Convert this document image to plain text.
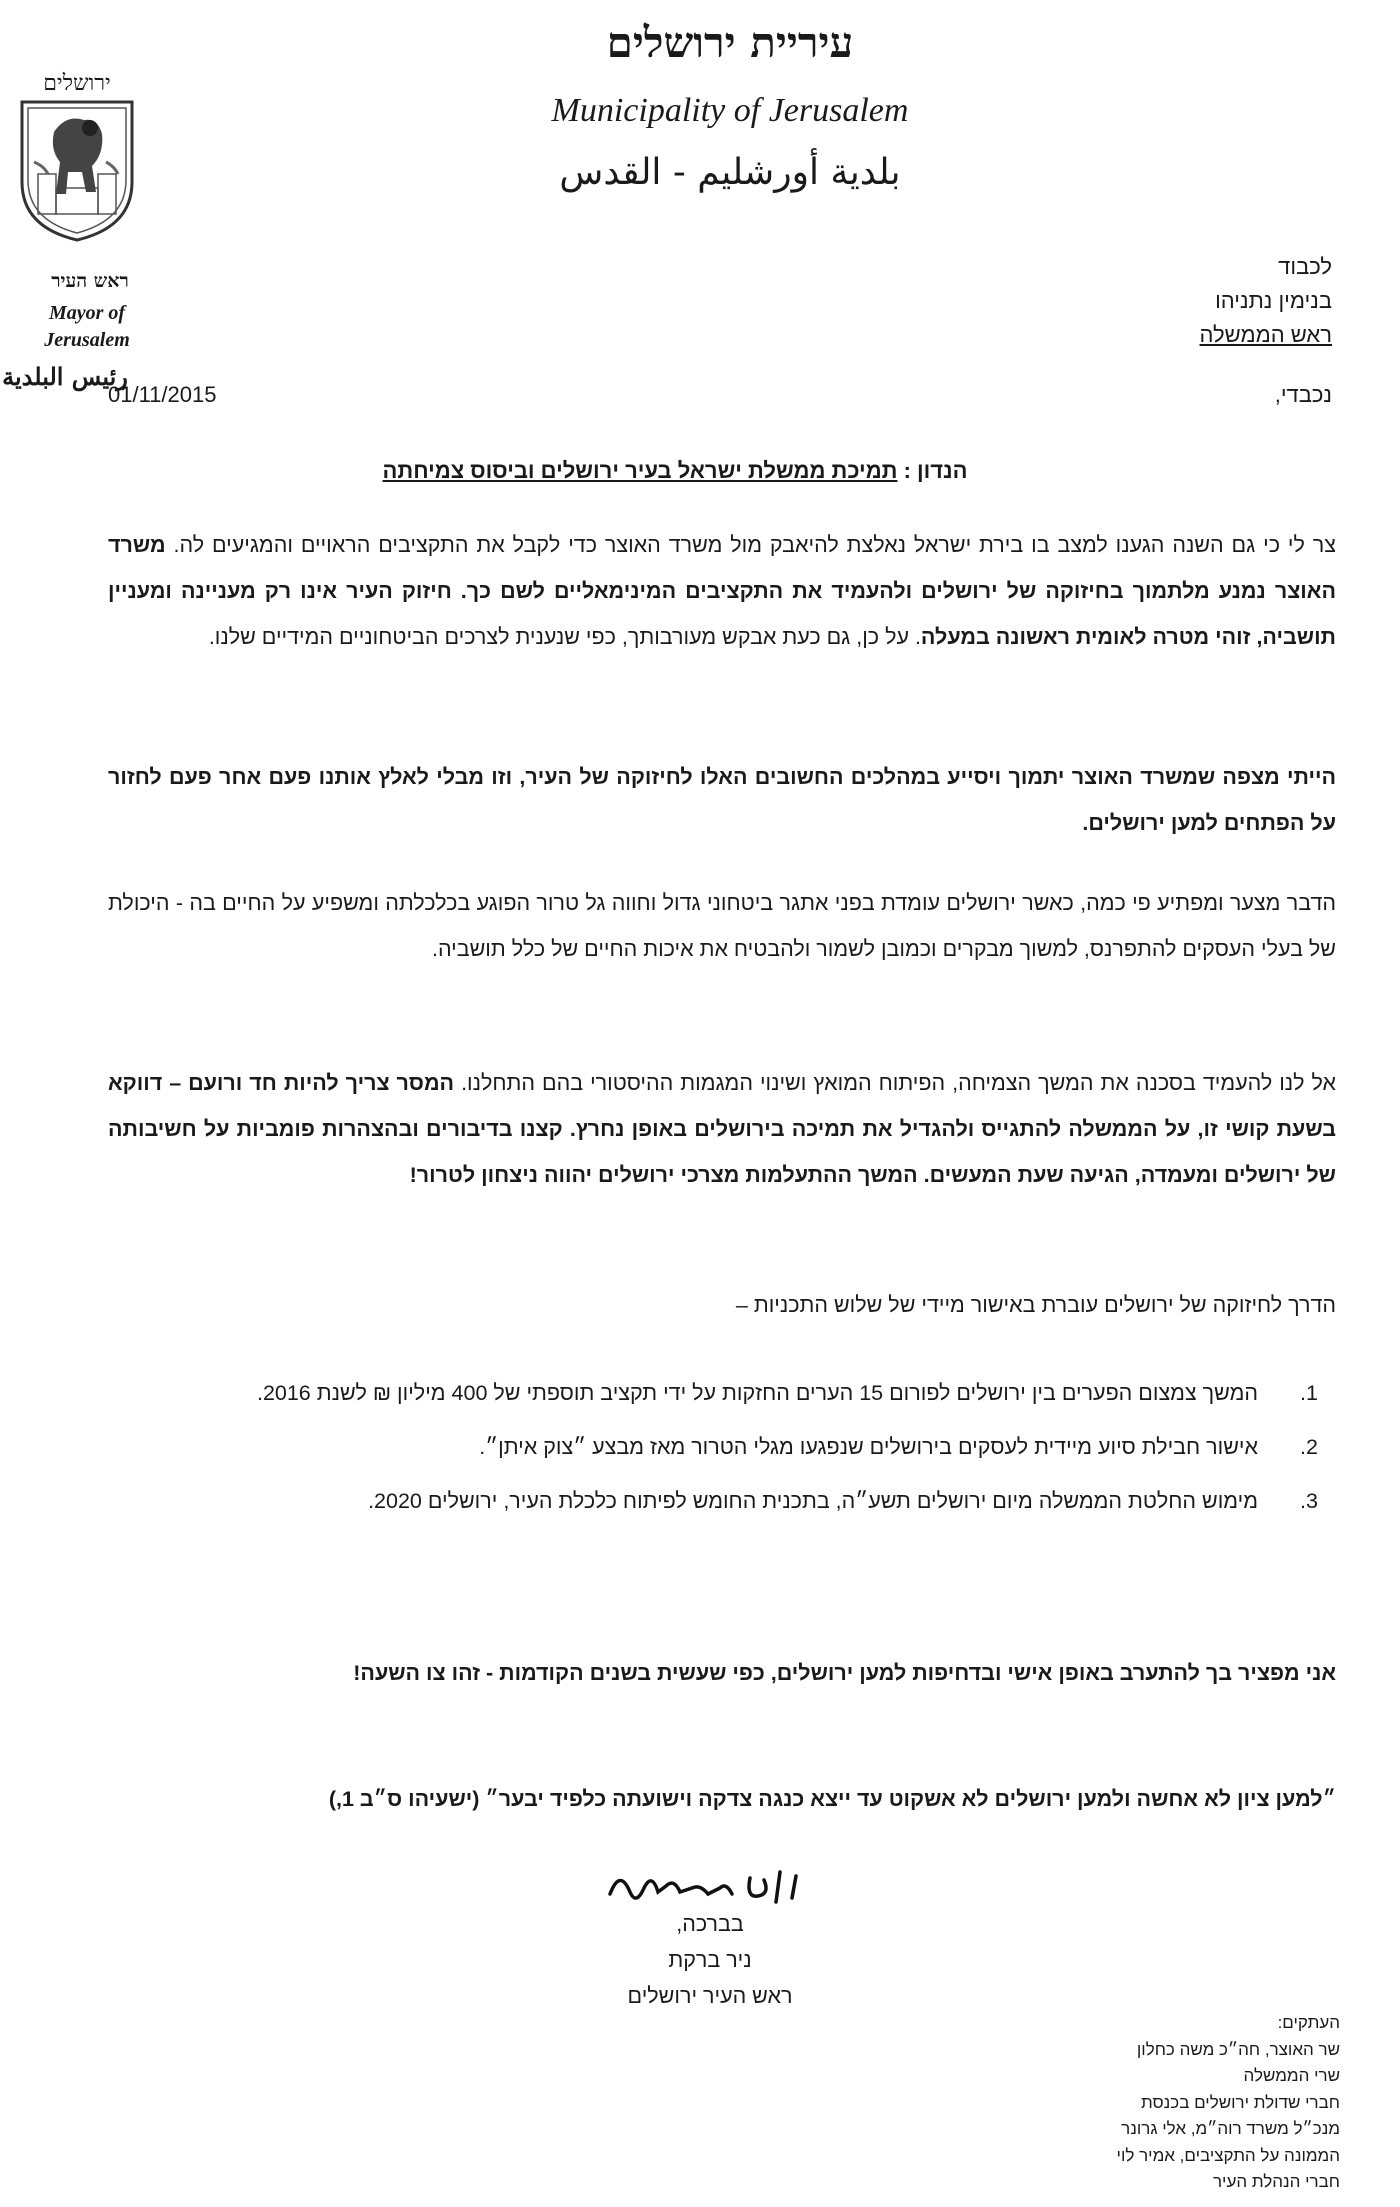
עיריית ירושלים
Municipality of Jerusalem
بلدية أورشليم - القدس
ירושלים
ראש העיר
Mayor of
Jerusalem
رئيس البلدية
01/11/2015
לכבוד
בנימין נתניהו
ראש הממשלה
נכבדי,
הנדון : תמיכת ממשלת ישראל בעיר ירושלים וביסוס צמיחתה
צר לי כי גם השנה הגענו למצב בו בירת ישראל נאלצת להיאבק מול משרד האוצר כדי לקבל את התקציבים הראויים והמגיעים לה. משרד האוצר נמנע מלתמוך בחיזוקה של ירושלים ולהעמיד את התקציבים המינימאליים לשם כך. חיזוק העיר אינו רק מעניינה ומעניין תושביה, זוהי מטרה לאומית ראשונה במעלה. על כן, גם כעת אבקש מעורבותך, כפי שנענית לצרכים הביטחוניים המידיים שלנו.
הייתי מצפה שמשרד האוצר יתמוך ויסייע במהלכים החשובים האלו לחיזוקה של העיר, וזו מבלי לאלץ אותנו פעם אחר פעם לחזור על הפתחים למען ירושלים.
הדבר מצער ומפתיע פי כמה, כאשר ירושלים עומדת בפני אתגר ביטחוני גדול וחווה גל טרור הפוגע בכלכלתה ומשפיע על החיים בה - היכולת של בעלי העסקים להתפרנס, למשוך מבקרים וכמובן לשמור ולהבטיח את איכות החיים של כלל תושביה.
אל לנו להעמיד בסכנה את המשך הצמיחה, הפיתוח המואץ ושינוי המגמות ההיסטורי בהם התחלנו. המסר צריך להיות חד ורועם – דווקא בשעת קושי זו, על הממשלה להתגייס ולהגדיל את תמיכה בירושלים באופן נחרץ. קצנו בדיבורים ובהצהרות פומביות על חשיבותה של ירושלים ומעמדה, הגיעה שעת המעשים. המשך ההתעלמות מצרכי ירושלים יהווה ניצחון לטרור!
הדרך לחיזוקה של ירושלים עוברת באישור מיידי של שלוש התכניות –
1.
המשך צמצום הפערים בין ירושלים לפורום 15 הערים החזקות על ידי תקציב תוספתי של 400 מיליון ₪ לשנת 2016.
2.
אישור חבילת סיוע מיידית לעסקים בירושלים שנפגעו מגלי הטרור מאז מבצע ״צוק איתן״.
3.
מימוש החלטת הממשלה מיום ירושלים תשע״ה, בתכנית החומש לפיתוח כלכלת העיר, ירושלים 2020.
אני מפציר בך להתערב באופן אישי ובדחיפות למען ירושלים, כפי שעשית בשנים הקודמות - זהו צו השעה!
״למען ציון לא אחשה ולמען ירושלים לא אשקוט עד ייצא כנגה צדקה וישועתה כלפיד יבער״ (ישעיהו ס״ב 1,)
בברכה,
ניר ברקת
ראש העיר ירושלים
העתקים:
שר האוצר, חה״כ משה כחלון
שרי הממשלה
חברי שדולת ירושלים בכנסת
מנכ״ל משרד רוה״מ, אלי גרונר
הממונה על התקציבים, אמיר לוי
חברי הנהלת העיר
